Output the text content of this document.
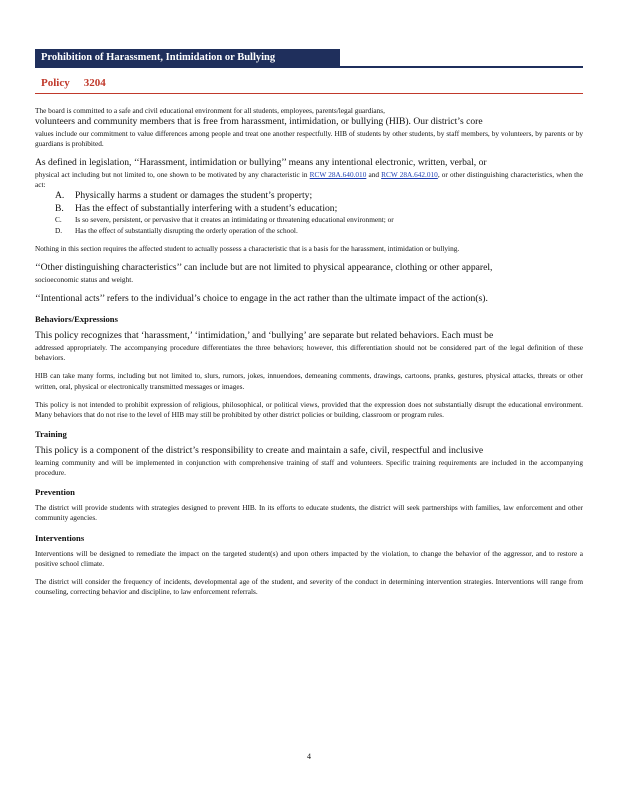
Prohibition of Harassment, Intimidation or Bullying
Policy 3204

The board is committed to a safe and civil educational environment for all students, employees, parents/legal guardians,

volunteers and community members that is free from harassment, intimidation, or bullying (HIB). Our district’s core

values include our commitment to value differences among people and treat one another respectfully. HIB of students by other students, by staff members, by volunteers, by parents or by guardians is prohibited.

As defined in legislation, ‘‘Harassment, intimidation or bullying’’ means any intentional electronic, written, verbal, or

physical act including but not limited to, one shown to be motivated by any characteristic in RCW 28A.640.010 and RCW 28A.642.010, or other distinguishing characteristics, when the act:

A.	Physically harms a student or damages the student’s property;
B.	Has the effect of substantially interfering with a student’s education;
C.	Is so severe, persistent, or pervasive that it creates an intimidating or threatening educational environment; or
D.	Has the effect of substantially disrupting the orderly operation of the school.

Nothing in this section requires the affected student to actually possess a characteristic that is a basis for the harassment, intimidation or bullying.

‘‘Other distinguishing characteristics’’ can include but are not limited to physical appearance, clothing or other apparel,

socioeconomic status and weight.

‘‘Intentional acts’’ refers to the individual’s choice to engage in the act rather than the ultimate impact of the action(s).

Behaviors/Expressions

This policy recognizes that ‘harassment,’ ‘intimidation,’ and ‘bullying’ are separate but related behaviors. Each must be

addressed appropriately. The accompanying procedure differentiates the three behaviors; however, this differentiation should not be considered part of the legal definition of these behaviors.

HIB can take many forms, including but not limited to, slurs, rumors, jokes, innuendoes, demeaning comments, drawings, cartoons, pranks, gestures, physical attacks, threats or other written, oral, physical or electronically transmitted messages or images.

This policy is not intended to prohibit expression of religious, philosophical, or political views, provided that the expression does not substantially disrupt the educational environment. Many behaviors that do not rise to the level of HIB may still be prohibited by other district policies or building, classroom or program rules.

Training

This policy is a component of the district’s responsibility to create and maintain a safe, civil, respectful and inclusive

learning community and will be implemented in conjunction with comprehensive training of staff and volunteers. Specific training requirements are included in the accompanying procedure.

Prevention

The district will provide students with strategies designed to prevent HIB. In its efforts to educate students, the district will seek partnerships with families, law enforcement and other community agencies.

Interventions

Interventions will be designed to remediate the impact on the targeted student(s) and upon others impacted by the violation, to change the behavior of the aggressor, and to restore a positive school climate.

The district will consider the frequency of incidents, developmental age of the student, and severity of the conduct in determining intervention strategies. Interventions will range from counseling, correcting behavior and discipline, to law enforcement referrals.

4
